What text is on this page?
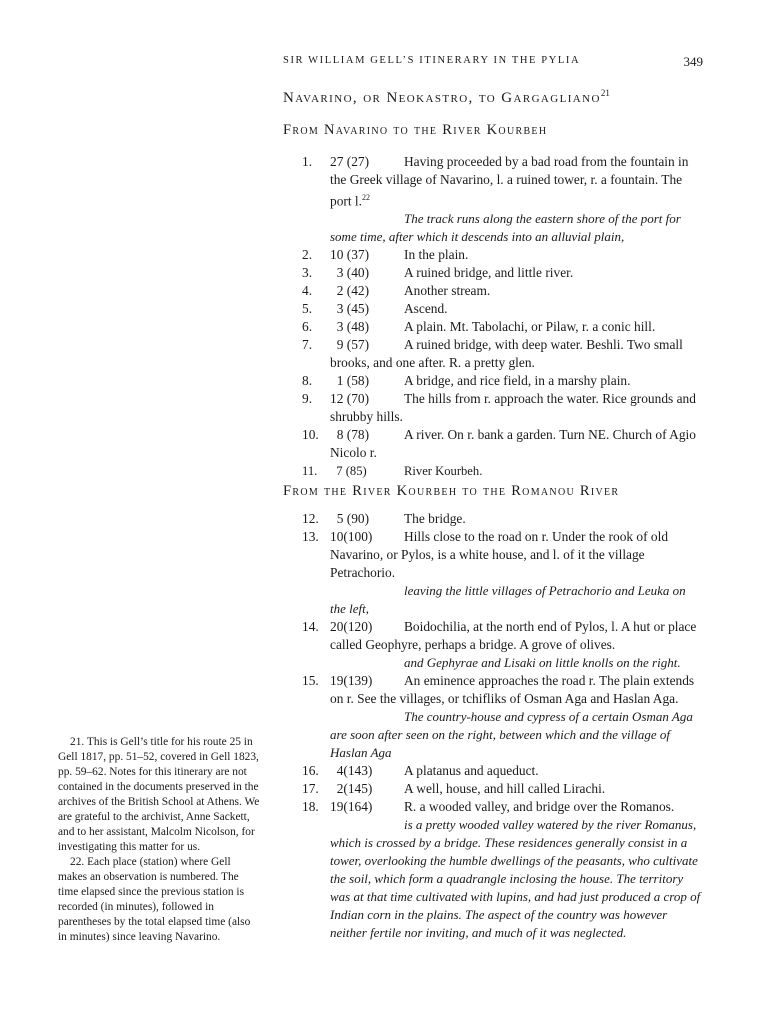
SIR WILLIAM GELL’S ITINERARY IN THE PYLIA	349
Navarino, or Neokastro, to Gargagliano$^{21}$
From Navarino to the River Kourbeh
1. 27 (27)	Having proceeded by a bad road from the fountain in the Greek village of Navarino, l. a ruined tower, r. a fountain. The port l.$^{22}$
The track runs along the eastern shore of the port for some time, after which it descends into an alluvial plain,
2. 10 (37)	In the plain.
3. 3 (40)	A ruined bridge, and little river.
4. 2 (42)	Another stream.
5. 3 (45)	Ascend.
6. 3 (48)	A plain. Mt. Tabolachi, or Pilaw, r. a conic hill.
7. 9 (57)	A ruined bridge, with deep water. Beshli. Two small brooks, and one after. R. a pretty glen.
8. 1 (58)	A bridge, and rice field, in a marshy plain.
9. 12 (70)	The hills from r. approach the water. Rice grounds and shrubby hills.
10. 8 (78)	A river. On r. bank a garden. Turn NE. Church of Agio Nicolo r.
11. 7 (85)	River Kourbeh.
From the River Kourbeh to the Romanou River
12. 5 (90)	The bridge.
13. 10(100) Hills close to the road on r. Under the rook of old Navarino, or Pylos, is a white house, and l. of it the village Petrachorio.
leaving the little villages of Petrachorio and Leuka on the left,
14. 20(120) Boidochilia, at the north end of Pylos, l. A hut or place called Geophyre, perhaps a bridge. A grove of olives.
and Gephyrae and Lisaki on little knolls on the right.
15. 19(139) An eminence approaches the road r. The plain extends on r. See the villages, or tchifliks of Osman Aga and Haslan Aga.
The country-house and cypress of a certain Osman Aga are soon after seen on the right, between which and the village of Haslan Aga
16. 4(143) A platanus and aqueduct.
17. 2(145) A well, house, and hill called Lirachi.
18. 19(164) R. a wooded valley, and bridge over the Romanos.
is a pretty wooded valley watered by the river Romanus, which is crossed by a bridge. These residences generally consist in a tower, overlooking the humble dwellings of the peasants, who cultivate the soil, which form a quadrangle inclosing the house. The territory was at that time cultivated with lupins, and had just produced a crop of Indian corn in the plains. The aspect of the country was however neither fertile nor inviting, and much of it was neglected.

21. This is Gell’s title for his route 25 in Gell 1817, pp. 51–52, covered in Gell 1823, pp. 59–62. Notes for this itinerary are not contained in the documents preserved in the archives of the British School at Athens. We are grateful to the archivist, Anne Sackett, and to her assistant, Malcolm Nicolson, for investigating this matter for us.

22. Each place (station) where Gell makes an observation is numbered. The time elapsed since the previous station is recorded (in minutes), followed in parentheses by the total elapsed time (also in minutes) since leaving Navarino.
